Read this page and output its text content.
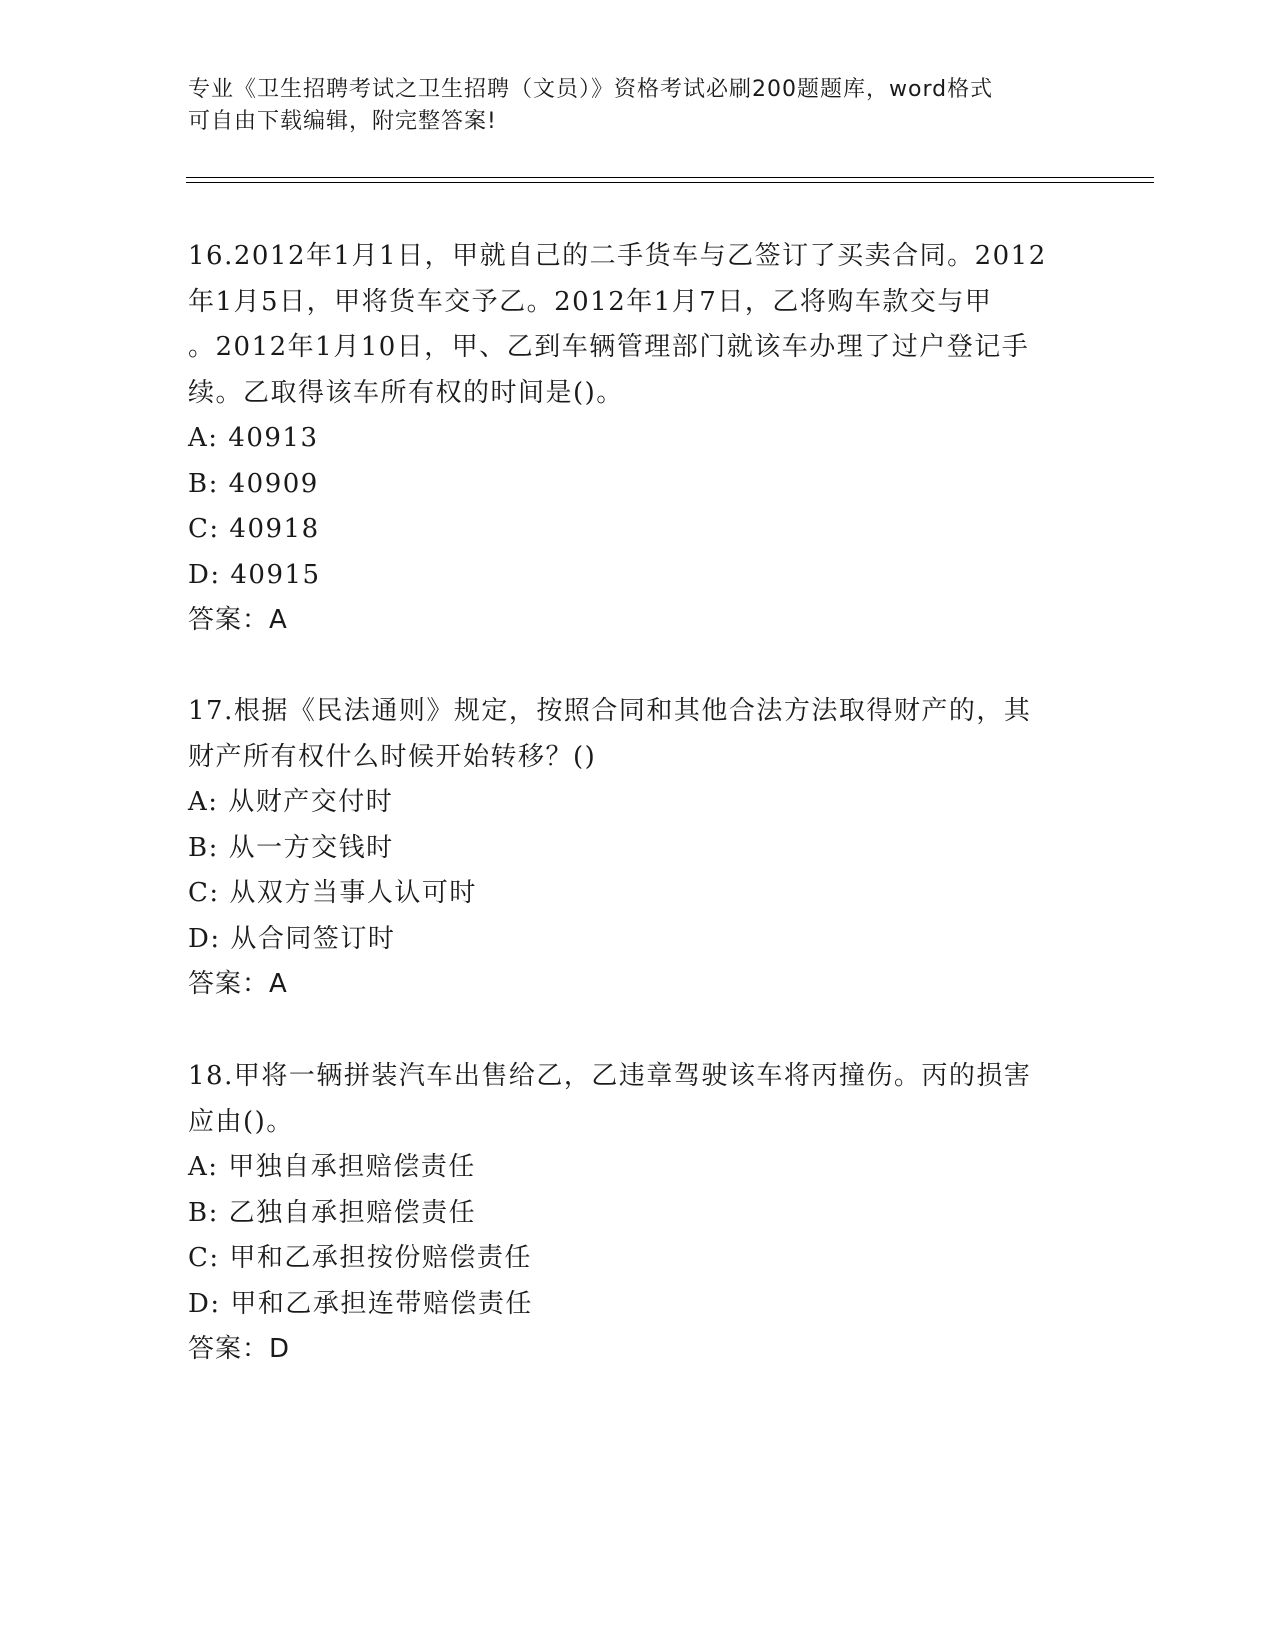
专业《卫生招聘考试之卫生招聘（文员）》资格考试必刷200题题库，word格式
可自由下载编辑，附完整答案!

16.2012年1月1日，甲就自己的二手货车与乙签订了买卖合同。2012

年1月5日，甲将货车交予乙。2012年1月7日，乙将购车款交与甲

。2012年1月10日，甲、乙到车辆管理部门就该车办理了过户登记手

续。乙取得该车所有权的时间是()。

A: 40913

B: 40909

C: 40918

D: 40915

答案：A

17.根据《民法通则》规定，按照合同和其他合法方法取得财产的，其

财产所有权什么时候开始转移？()

A: 从财产交付时

B: 从一方交钱时

C: 从双方当事人认可时

D: 从合同签订时

答案：A

18.甲将一辆拼装汽车出售给乙，乙违章驾驶该车将丙撞伤。丙的损害

应由()。

A: 甲独自承担赔偿责任

B: 乙独自承担赔偿责任

C: 甲和乙承担按份赔偿责任

D: 甲和乙承担连带赔偿责任

答案：D
